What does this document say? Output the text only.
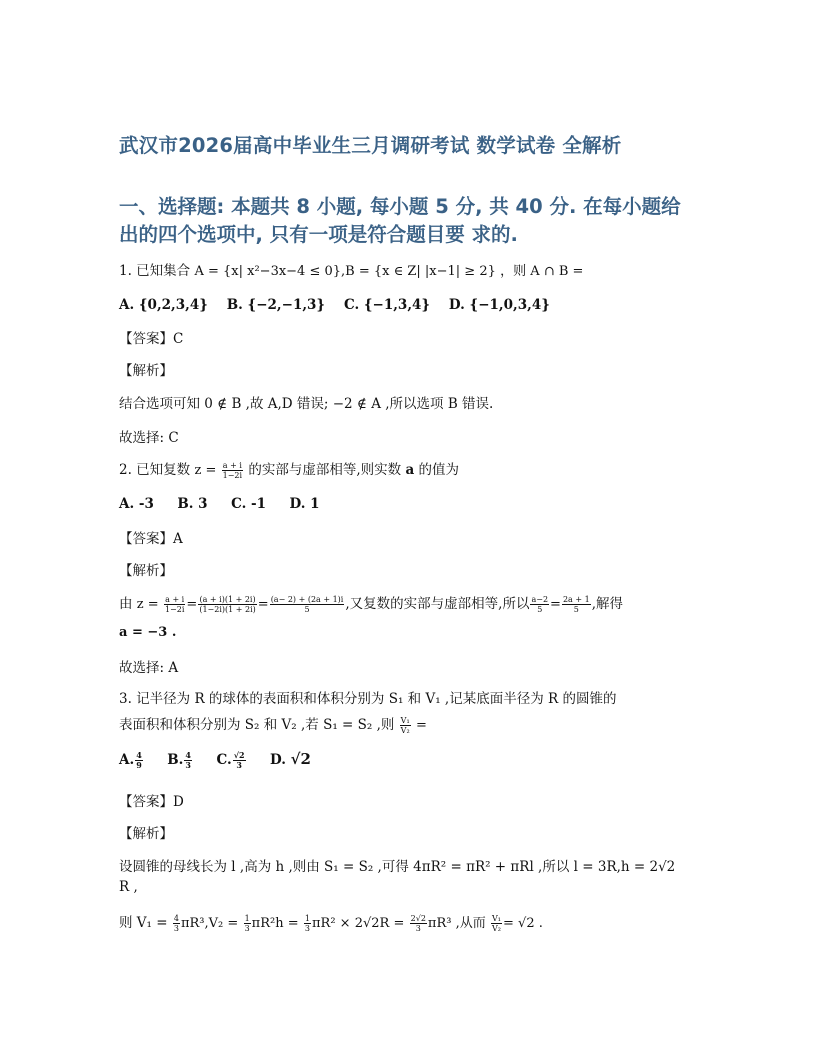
武汉市2026届高中毕业生三月调研考试 数学试卷 全解析
一、选择题: 本题共 8 小题, 每小题 5 分, 共 40 分. 在每小题给
出的四个选项中, 只有一项是符合题目要 求的.
1. 已知集合 A = {x| x²−3x−4 ≤ 0},B = {x ∈ Z| |x−1| ≥ 2} ，则 A ∩ B =
A. {0,2,3,4} B. {−2,−1,3} C. {−1,3,4} D. {−1,0,3,4}
【答案】C
【解析】
结合选项可知 0 ∉ B ,故 A,D 错误; −2 ∉ A ,所以选项 B 错误.
故选择: C
2. 已知复数 $z = \frac{a + i}{1-2i}$ 的实部与虚部相等,则实数 a 的值为
A. -3 B. 3 C. -1 D. 1
【答案】A
【解析】
由 $z = \frac{a + i}{1-2i} = \frac{(a + i)(1 + 2i)}{(1-2i)(1 + 2i)} = \frac{(a- 2) + (2a + 1)i}{5}$ ,又复数的实部与虚部相等,所以 $\frac{a-2}{5} = \frac{2a + 1}{5}$ ,解得
a = −3 .
故选择: A
3. 记半径为 R 的球体的表面积和体积分别为 S₁ 和 V₁ ,记某底面半径为 R 的圆锥的
表面积和体积分别为 S₂ 和 V₂ ,若 S₁ = S₂ ,则 $\frac{\text{V₁}}{\text{V₂}}$ =
A. $\frac{4}{9} B$. $\frac{4}{3} C$. $\frac{√2}{3} D$. √2
【答案】D
【解析】
设圆锥的母线长为 l ,高为 h ,则由 S₁ = S₂ ,可得 4πR² = πR² + πRl ,所以 l = 3R,h = 2√2
R ,
则 $V_1 = \frac{4}{3} \pi R^3,V_2 = \frac{1}{3} \pi R^2h = \frac{1}{3} \pi R^2 \times 2√2R = \frac{2√2}{3} \pi R^3$ ,从而 $\frac{\text{V₁}}{\text{V₂}} = √2$ .
